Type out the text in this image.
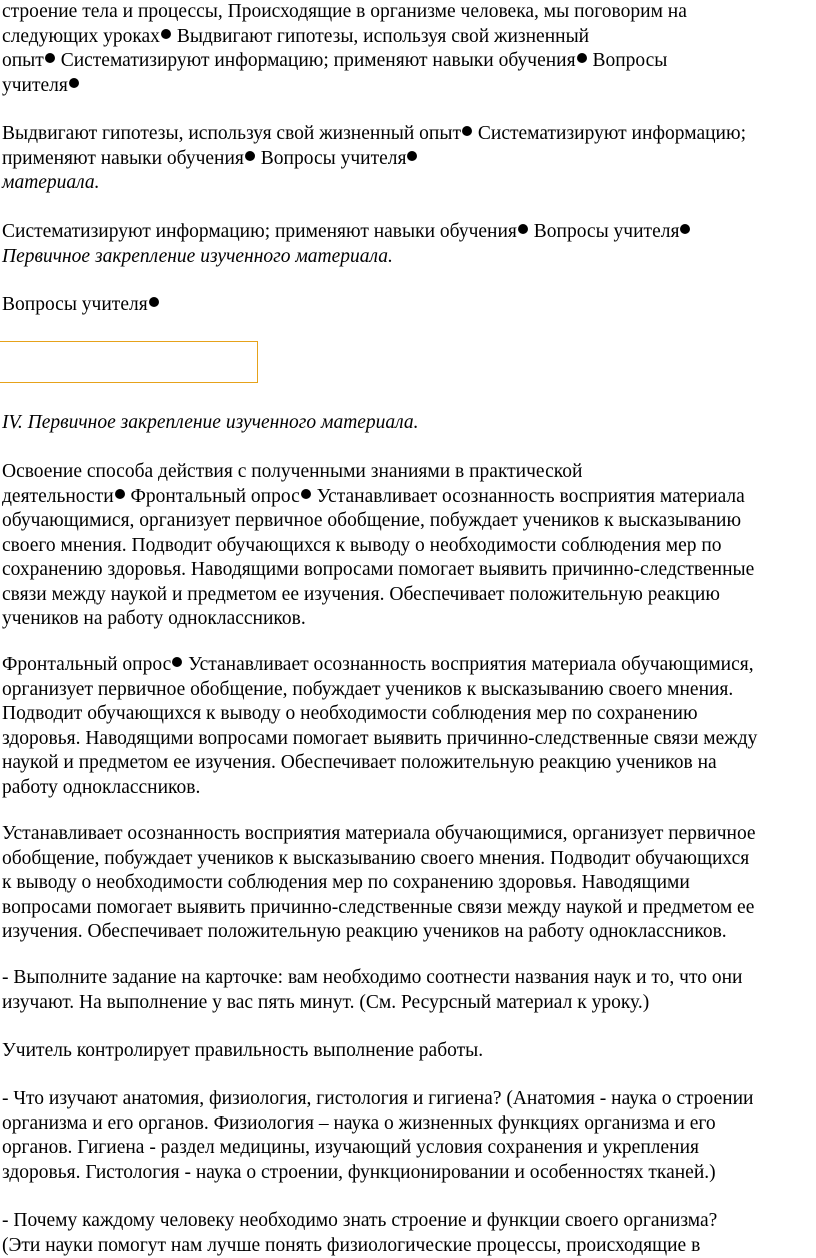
строение тела и процессы, Происходящие в организме человека, мы поговорим на
следующих уроках Выдвигают гипотезы, используя свой жизненный
опыт Систематизируют информацию; применяют навыки обучения Вопросы
учителя
Выдвигают гипотезы, используя свой жизненный опыт Систематизируют информацию;
применяют навыки обучения Вопросы учителя
материала.
Систематизируют информацию; применяют навыки обучения Вопросы учителя
Первичное закрепление изученного материала.
Вопросы учителя
IV. Первичное закрепление изученного материала.
Освоение способа действия с полученными знаниями в практической
деятельности Фронтальный опрос Устанавливает осознанность восприятия материала
обучающимися, организует первичное обобщение, побуждает учеников к высказыванию
своего мнения. Подводит обучающихся к выводу о необходимости соблюдения мер по
сохранению здоровья. Наводящими вопросами помогает выявить причинно-следственные
связи между наукой и предметом ее изучения. Обеспечивает положительную реакцию
учеников на работу одноклассников.
Фронтальный опрос Устанавливает осознанность восприятия материала обучающимися,
организует первичное обобщение, побуждает учеников к высказыванию своего мнения.
Подводит обучающихся к выводу о необходимости соблюдения мер по сохранению
здоровья. Наводящими вопросами помогает выявить причинно-следственные связи между
наукой и предметом ее изучения. Обеспечивает положительную реакцию учеников на
работу одноклассников.
Устанавливает осознанность восприятия материала обучающимися, организует первичное
обобщение, побуждает учеников к высказыванию своего мнения. Подводит обучающихся
к выводу о необходимости соблюдения мер по сохранению здоровья. Наводящими
вопросами помогает выявить причинно-следственные связи между наукой и предметом ее
изучения. Обеспечивает положительную реакцию учеников на работу одноклассников.
- Выполните задание на карточке: вам необходимо соотнести названия наук и то, что они
изучают. На выполнение у вас пять минут. (См. Ресурсный материал к уроку.)
Учитель контролирует правильность выполнение работы.
- Что изучают анатомия, физиология, гистология и гигиена? (Анатомия - наука о строении
организма и его органов. Физиология – наука о жизненных функциях организма и его
органов. Гигиена - раздел медицины, изучающий условия сохранения и укрепления
здоровья. Гистология - наука о строении, функционировании и особенностях тканей.)
- Почему каждому человеку необходимо знать строение и функции своего организма?
(Эти науки помогут нам лучше понять физиологические процессы, происходящие в
